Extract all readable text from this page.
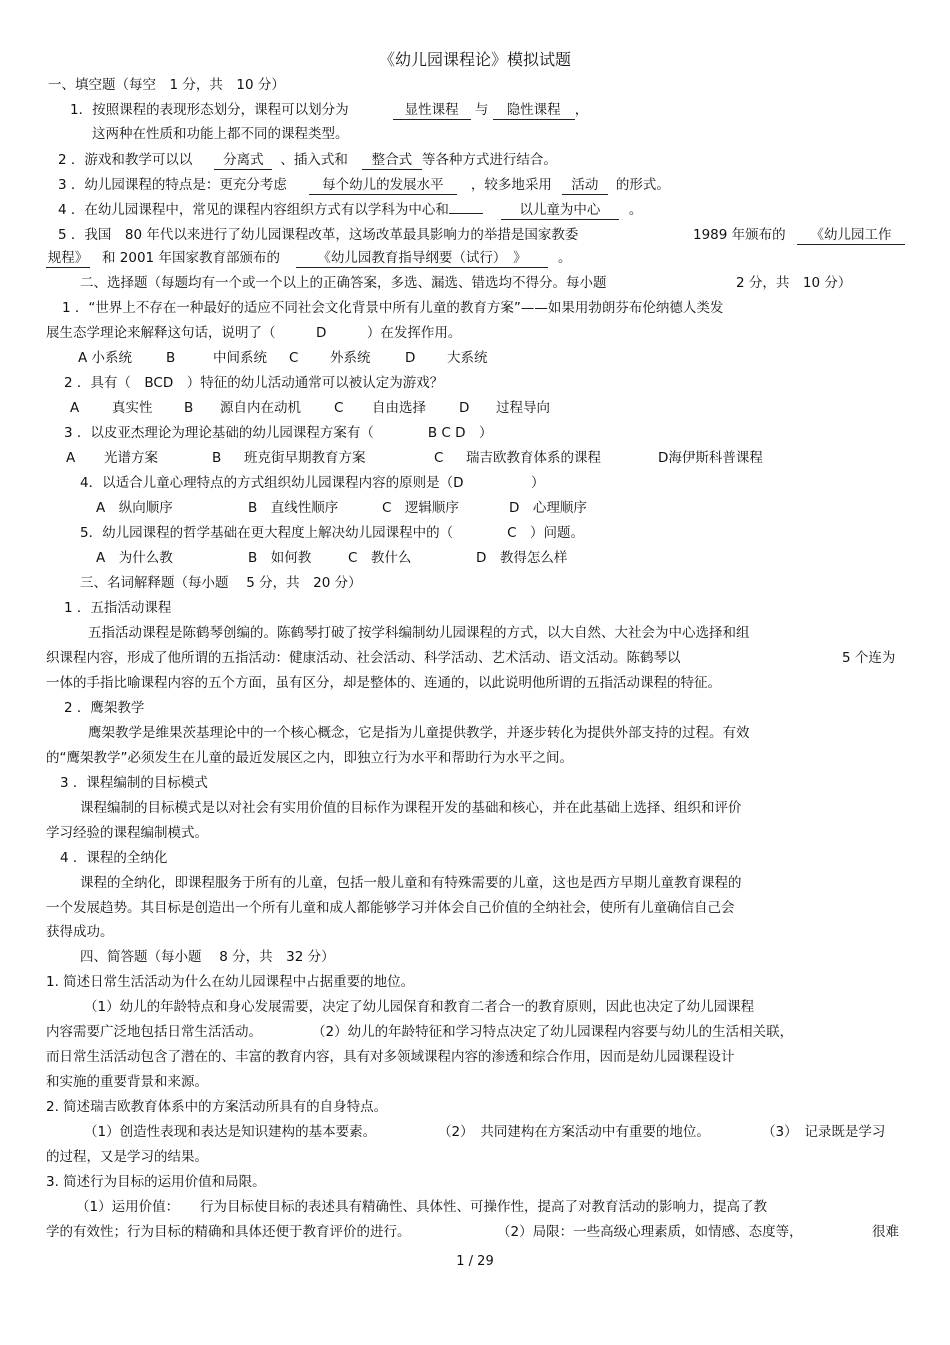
《幼儿园课程论》模拟试题
一、填空题（每空　1 分，共　10 分）
1．按照课程的表现形态划分，课程可以划分为	显性课程 与 隐性课程 ，
这两种在性质和功能上都不同的课程类型。
2 ．游戏和教学可以以 分离式 、插入式和 整合式 等各种方式进行结合。
3 ．幼儿园课程的特点是：更充分考虑	每个幼儿的发展水平 ，较多地采用 活动 的形式。
4 ．在幼儿园课程中，常见的课程内容组织方式有以学科为中心和	以儿童为中心 。
5 ．我国　80 年代以来进行了幼儿园课程改革，这场改革最具影响力的举措是国家教委	1989 年颁布的	《幼儿园工作
规程》 和 2001 年国家教育部颁布的	《幼儿园教育指导纲要（试行）　》 。
二、选择题（每题均有一个或一个以上的正确答案，多选、漏选、错选均不得分。每小题	2 分，共　10 分）
1 ．“世界上不存在一种最好的适应不同社会文化背景中所有儿童的教育方案”——如果用勃朗芬布伦纳德人类发
展生态学理论来解释这句话，说明了（　　　D　　　）在发挥作用。
A 小系统	B	中间系统 C 外系统	D 大系统
2 ．具有（　BCD　）特征的幼儿活动通常可以被认定为游戏？
A 真实性 B 源自内在动机 C 自由选择 D 过程导向
3 ．以皮亚杰理论为理论基础的幼儿园课程方案有（　　　　B C D　）
A 光谱方案	B 班克街早期教育方案	C 瑞吉欧教育体系的课程	D海伊斯科普课程
4．以适合儿童心理特点的方式组织幼儿园课程内容的原则是（D　　　　　）
A　纵向顺序	B　直线性顺序	C　逻辑顺序	D　心理顺序
5．幼儿园课程的哲学基础在更大程度上解决幼儿园课程中的（　　　　C　）问题。
A　为什么教	B　如何教	C　教什么	D　教得怎么样
三、名词解释题（每小题　 5 分，共　20 分）
1 ．五指活动课程
五指活动课程是陈鹤琴创编的。陈鹤琴打破了按学科编制幼儿园课程的方式，以大自然、大社会为中心选择和组
织课程内容，形成了他所谓的五指活动：健康活动、社会活动、科学活动、艺术活动、语文活动。陈鹤琴以	5 个连为
一体的手指比喻课程内容的五个方面，虽有区分，却是整体的、连通的，以此说明他所谓的五指活动课程的特征。
2 ．鹰架教学
鹰架教学是维果茨基理论中的一个核心概念，它是指为儿童提供教学，并逐步转化为提供外部支持的过程。有效
的“鹰架教学”必须发生在儿童的最近发展区之内，即独立行为水平和帮助行为水平之间。
3 ．课程编制的目标模式
课程编制的目标模式是以对社会有实用价值的目标作为课程开发的基础和核心，并在此基础上选择、组织和评价
学习经验的课程编制模式。
4 ．课程的全纳化
课程的全纳化，即课程服务于所有的儿童，包括一般儿童和有特殊需要的儿童，这也是西方早期儿童教育课程的
一个发展趋势。其目标是创造出一个所有儿童和成人都能够学习并体会自己价值的全纳社会，使所有儿童确信自己会
获得成功。
四、简答题（每小题　 8 分，共　32 分）
1. 简述日常生活活动为什么在幼儿园课程中占据重要的地位。
（1）幼儿的年龄特点和身心发展需要，决定了幼儿园保育和教育二者合一的教育原则，因此也决定了幼儿园课程
内容需要广泛地包括日常生活活动。	（2）幼儿的年龄特征和学习特点决定了幼儿园课程内容要与幼儿的生活相关联，
而日常生活活动包含了潜在的、丰富的教育内容，具有对多领域课程内容的渗透和综合作用，因而是幼儿园课程设计
和实施的重要背景和来源。
2. 简述瑞吉欧教育体系中的方案活动所具有的自身特点。
（1）创造性表现和表达是知识建构的基本要素。	（2）　共同建构在方案活动中有重要的地位。	（3）　记录既是学习
的过程，又是学习的结果。
3. 简述行为目标的运用价值和局限。
（1）运用价值： 行为目标使目标的表述具有精确性、具体性、可操作性，提高了对教育活动的影响力，提高了教
学的有效性；行为目标的精确和具体还便于教育评价的进行。	（2）局限：一些高级心理素质，如情感、态度等，	很难
1 / 29
